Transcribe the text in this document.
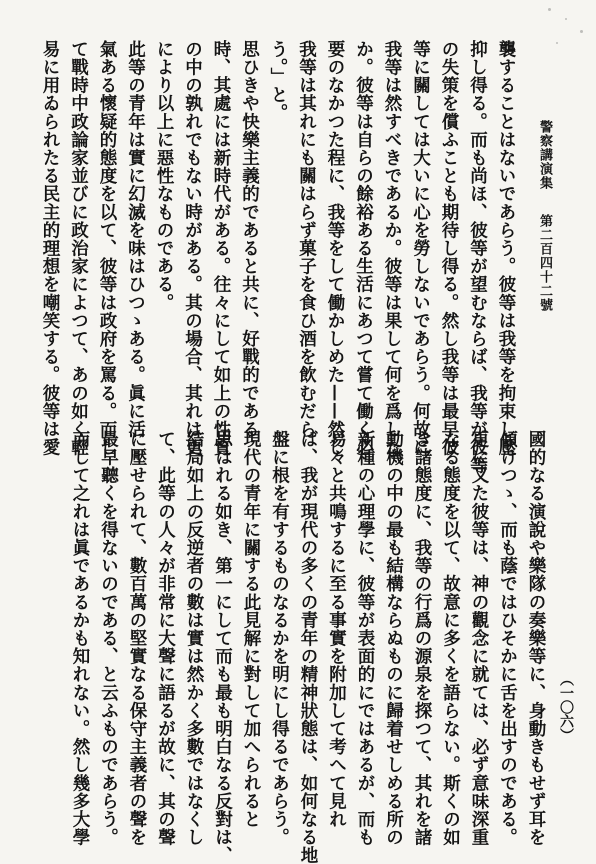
警察講演集
第二百四十二號
（一〇六）
襲することはないであらう。彼等は我等を拘束し壓
抑し得る。而も尚ほ、彼等が望むならば、我等が彼等
の失策を償ふことも期待し得る。然し我等は最早彼
等に關しては大いに心を勞しないであらう。何故に
我等は然すべきであるか。彼等は果して何を爲した
か。彼等は自らの餘裕ある生活にあつて嘗て働く必
要のなかつた程に、我等をして働かしめた——然し
我等は其れにも關はらず菓子を食ひ酒を飲むだら
う。」と。
思ひきや快樂主義的であると共に、好戰的である
時、其處には新時代がある。往々にして如上の性質
の中の孰れでもない時がある。其の場合、其れは更
により以上に惡性なものである。
此等の青年は實に幻滅を味はひつゝある。眞に活
氣ある懷疑的態度を以て、彼等は政府を罵る。而し
て戰時中政論家並びに政治家によつて、あの如く輕
易に用ゐられたる民主的理想を嘲笑する。彼等は愛
國的なる演說や樂隊の奏樂等に、身動きもせず耳を
傾けつゝ、而も蔭ではひそかに舌を出すのである。
更に又た彼等は、神の觀念に就ては、必ず意味深重
なる態度を以て、故意に多くを語らない。斯くの如
き諸態度に、我等の行爲の源泉を探つて、其れを諸
動機の中の最も結構ならぬものに歸着せしめる所の
新種の心理學に、彼等が表面的にではあるが、而も
易々と共鳴するに至る事實を附加して考へて見れ
ば、我が現代の多くの青年の精神狀態は、如何なる地
盤に根を有するものなるかを明にし得るであらう。
現代の青年に關する此見解に對して加へられると
思はれる如き、第一にして而も最も明白なる反對は、
結局如上の反逆者の數は實は然かく多數ではなくし
て、此等の人々が非常に大聲に語るが故に、其の聲
に壓せられて、數百萬の堅實なる保守主義者の聲を
最早聽くを得ないのである、と云ふものであらう。
而して之れは眞であるかも知れない。然し幾多大學
